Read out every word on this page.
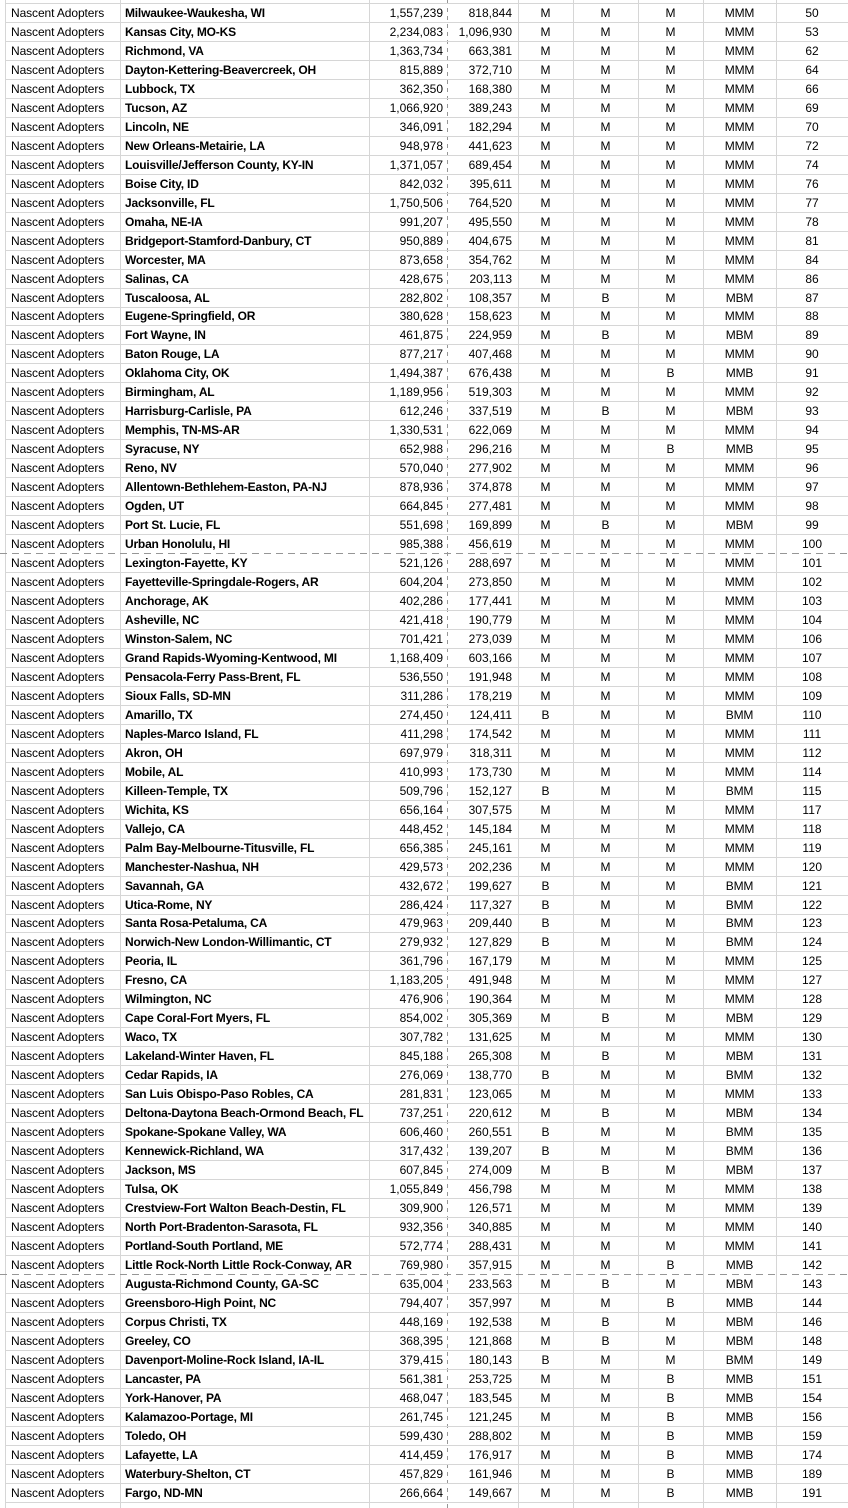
Nascent Adopters	Milwaukee-Waukesha, WI	1,557,239	818,844	M	M	M	MMM	50
Nascent Adopters	Kansas City, MO-KS	2,234,083	1,096,930	M	M	M	MMM	53
Nascent Adopters	Richmond, VA	1,363,734	663,381	M	M	M	MMM	62
Nascent Adopters	Dayton-Kettering-Beavercreek, OH	815,889	372,710	M	M	M	MMM	64
Nascent Adopters	Lubbock, TX	362,350	168,380	M	M	M	MMM	66
Nascent Adopters	Tucson, AZ	1,066,920	389,243	M	M	M	MMM	69
Nascent Adopters	Lincoln, NE	346,091	182,294	M	M	M	MMM	70
Nascent Adopters	New Orleans-Metairie, LA	948,978	441,623	M	M	M	MMM	72
Nascent Adopters	Louisville/Jefferson County, KY-IN	1,371,057	689,454	M	M	M	MMM	74
Nascent Adopters	Boise City, ID	842,032	395,611	M	M	M	MMM	76
Nascent Adopters	Jacksonville, FL	1,750,506	764,520	M	M	M	MMM	77
Nascent Adopters	Omaha, NE-IA	991,207	495,550	M	M	M	MMM	78
Nascent Adopters	Bridgeport-Stamford-Danbury, CT	950,889	404,675	M	M	M	MMM	81
Nascent Adopters	Worcester, MA	873,658	354,762	M	M	M	MMM	84
Nascent Adopters	Salinas, CA	428,675	203,113	M	M	M	MMM	86
Nascent Adopters	Tuscaloosa, AL	282,802	108,357	M	B	M	MBM	87
Nascent Adopters	Eugene-Springfield, OR	380,628	158,623	M	M	M	MMM	88
Nascent Adopters	Fort Wayne, IN	461,875	224,959	M	B	M	MBM	89
Nascent Adopters	Baton Rouge, LA	877,217	407,468	M	M	M	MMM	90
Nascent Adopters	Oklahoma City, OK	1,494,387	676,438	M	M	B	MMB	91
Nascent Adopters	Birmingham, AL	1,189,956	519,303	M	M	M	MMM	92
Nascent Adopters	Harrisburg-Carlisle, PA	612,246	337,519	M	B	M	MBM	93
Nascent Adopters	Memphis, TN-MS-AR	1,330,531	622,069	M	M	M	MMM	94
Nascent Adopters	Syracuse, NY	652,988	296,216	M	M	B	MMB	95
Nascent Adopters	Reno, NV	570,040	277,902	M	M	M	MMM	96
Nascent Adopters	Allentown-Bethlehem-Easton, PA-NJ	878,936	374,878	M	M	M	MMM	97
Nascent Adopters	Ogden, UT	664,845	277,481	M	M	M	MMM	98
Nascent Adopters	Port St. Lucie, FL	551,698	169,899	M	B	M	MBM	99
Nascent Adopters	Urban Honolulu, HI	985,388	456,619	M	M	M	MMM	100
Nascent Adopters	Lexington-Fayette, KY	521,126	288,697	M	M	M	MMM	101
Nascent Adopters	Fayetteville-Springdale-Rogers, AR	604,204	273,850	M	M	M	MMM	102
Nascent Adopters	Anchorage, AK	402,286	177,441	M	M	M	MMM	103
Nascent Adopters	Asheville, NC	421,418	190,779	M	M	M	MMM	104
Nascent Adopters	Winston-Salem, NC	701,421	273,039	M	M	M	MMM	106
Nascent Adopters	Grand Rapids-Wyoming-Kentwood, MI	1,168,409	603,166	M	M	M	MMM	107
Nascent Adopters	Pensacola-Ferry Pass-Brent, FL	536,550	191,948	M	M	M	MMM	108
Nascent Adopters	Sioux Falls, SD-MN	311,286	178,219	M	M	M	MMM	109
Nascent Adopters	Amarillo, TX	274,450	124,411	B	M	M	BMM	110
Nascent Adopters	Naples-Marco Island, FL	411,298	174,542	M	M	M	MMM	111
Nascent Adopters	Akron, OH	697,979	318,311	M	M	M	MMM	112
Nascent Adopters	Mobile, AL	410,993	173,730	M	M	M	MMM	114
Nascent Adopters	Killeen-Temple, TX	509,796	152,127	B	M	M	BMM	115
Nascent Adopters	Wichita, KS	656,164	307,575	M	M	M	MMM	117
Nascent Adopters	Vallejo, CA	448,452	145,184	M	M	M	MMM	118
Nascent Adopters	Palm Bay-Melbourne-Titusville, FL	656,385	245,161	M	M	M	MMM	119
Nascent Adopters	Manchester-Nashua, NH	429,573	202,236	M	M	M	MMM	120
Nascent Adopters	Savannah, GA	432,672	199,627	B	M	M	BMM	121
Nascent Adopters	Utica-Rome, NY	286,424	117,327	B	M	M	BMM	122
Nascent Adopters	Santa Rosa-Petaluma, CA	479,963	209,440	B	M	M	BMM	123
Nascent Adopters	Norwich-New London-Willimantic, CT	279,932	127,829	B	M	M	BMM	124
Nascent Adopters	Peoria, IL	361,796	167,179	M	M	M	MMM	125
Nascent Adopters	Fresno, CA	1,183,205	491,948	M	M	M	MMM	127
Nascent Adopters	Wilmington, NC	476,906	190,364	M	M	M	MMM	128
Nascent Adopters	Cape Coral-Fort Myers, FL	854,002	305,369	M	B	M	MBM	129
Nascent Adopters	Waco, TX	307,782	131,625	M	M	M	MMM	130
Nascent Adopters	Lakeland-Winter Haven, FL	845,188	265,308	M	B	M	MBM	131
Nascent Adopters	Cedar Rapids, IA	276,069	138,770	B	M	M	BMM	132
Nascent Adopters	San Luis Obispo-Paso Robles, CA	281,831	123,065	M	M	M	MMM	133
Nascent Adopters	Deltona-Daytona Beach-Ormond Beach, FL	737,251	220,612	M	B	M	MBM	134
Nascent Adopters	Spokane-Spokane Valley, WA	606,460	260,551	B	M	M	BMM	135
Nascent Adopters	Kennewick-Richland, WA	317,432	139,207	B	M	M	BMM	136
Nascent Adopters	Jackson, MS	607,845	274,009	M	B	M	MBM	137
Nascent Adopters	Tulsa, OK	1,055,849	456,798	M	M	M	MMM	138
Nascent Adopters	Crestview-Fort Walton Beach-Destin, FL	309,900	126,571	M	M	M	MMM	139
Nascent Adopters	North Port-Bradenton-Sarasota, FL	932,356	340,885	M	M	M	MMM	140
Nascent Adopters	Portland-South Portland, ME	572,774	288,431	M	M	M	MMM	141
Nascent Adopters	Little Rock-North Little Rock-Conway, AR	769,980	357,915	M	M	B	MMB	142
Nascent Adopters	Augusta-Richmond County, GA-SC	635,004	233,563	M	B	M	MBM	143
Nascent Adopters	Greensboro-High Point, NC	794,407	357,997	M	M	B	MMB	144
Nascent Adopters	Corpus Christi, TX	448,169	192,538	M	B	M	MBM	146
Nascent Adopters	Greeley, CO	368,395	121,868	M	B	M	MBM	148
Nascent Adopters	Davenport-Moline-Rock Island, IA-IL	379,415	180,143	B	M	M	BMM	149
Nascent Adopters	Lancaster, PA	561,381	253,725	M	M	B	MMB	151
Nascent Adopters	York-Hanover, PA	468,047	183,545	M	M	B	MMB	154
Nascent Adopters	Kalamazoo-Portage, MI	261,745	121,245	M	M	B	MMB	156
Nascent Adopters	Toledo, OH	599,430	288,802	M	M	B	MMB	159
Nascent Adopters	Lafayette, LA	414,459	176,917	M	M	B	MMB	174
Nascent Adopters	Waterbury-Shelton, CT	457,829	161,946	M	M	B	MMB	189
Nascent Adopters	Fargo, ND-MN	266,664	149,667	M	M	B	MMB	191
